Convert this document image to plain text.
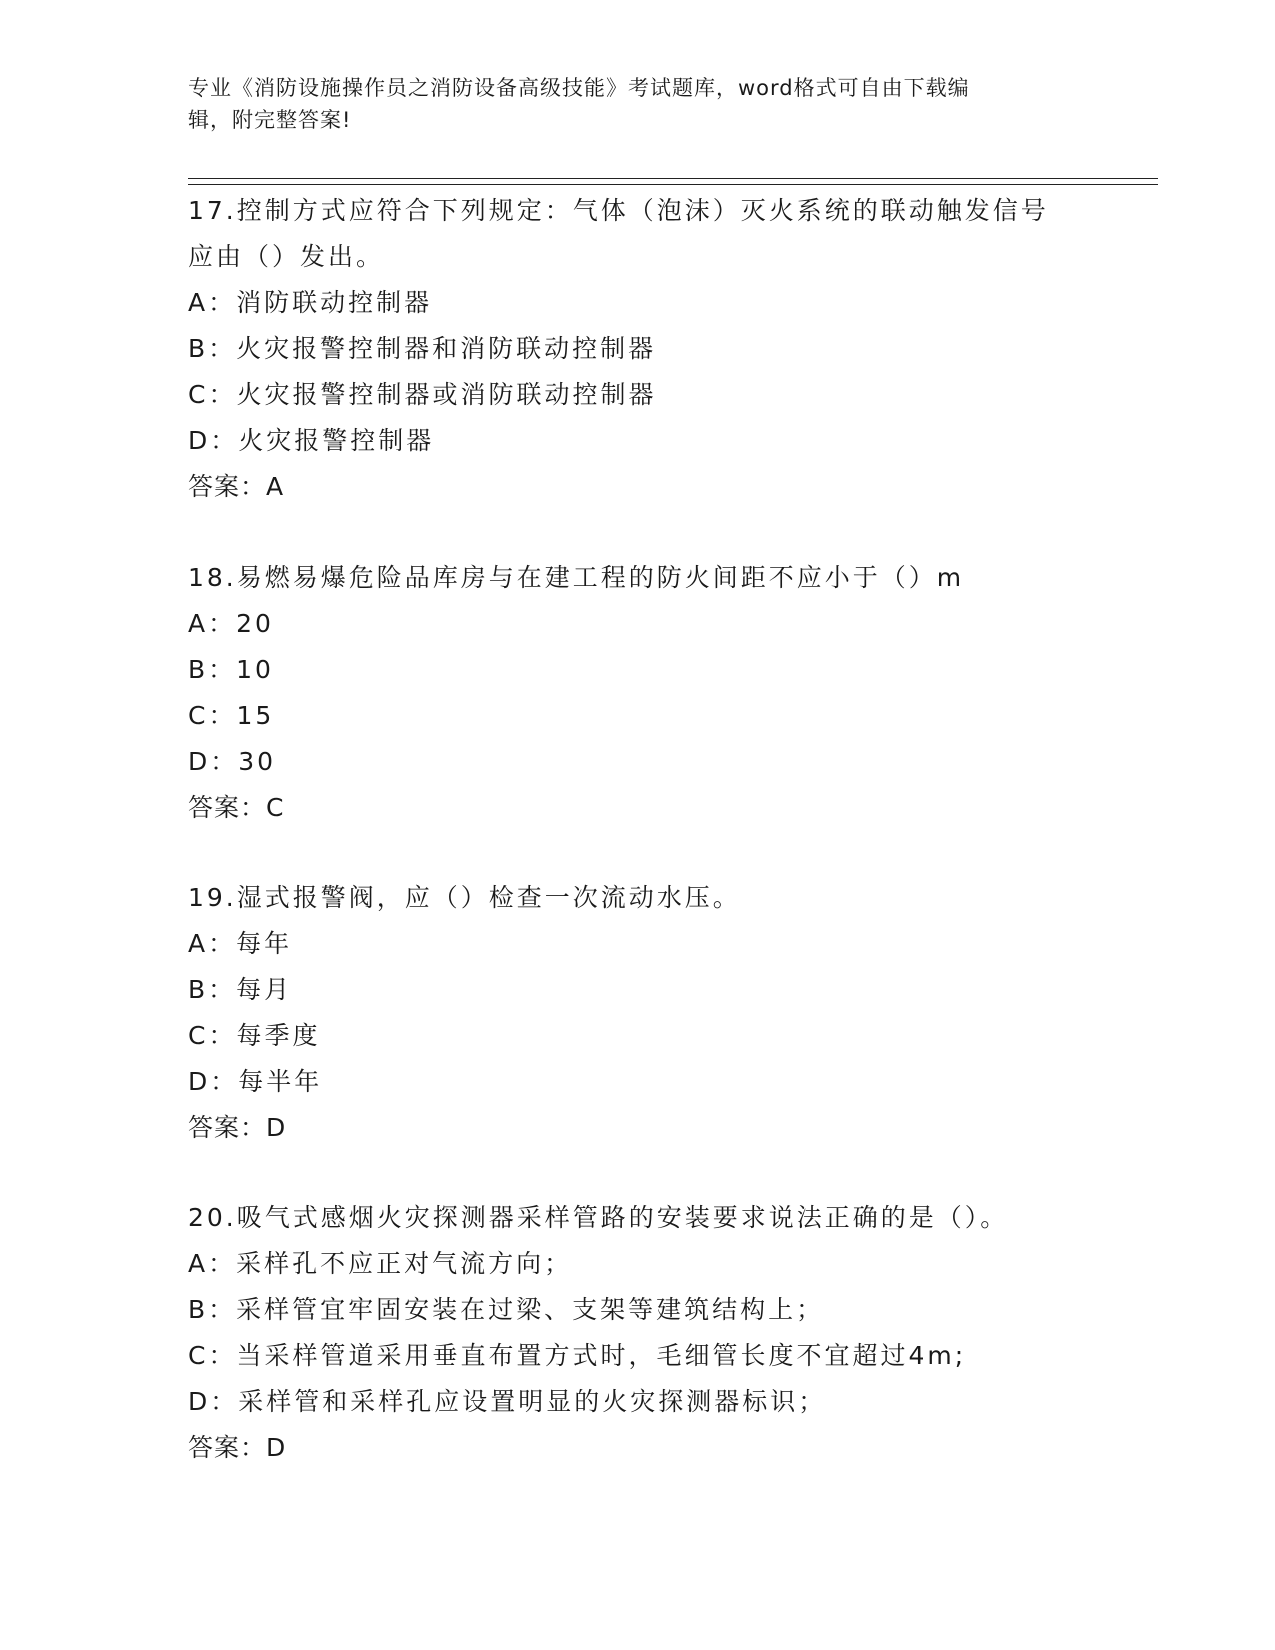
专业《消防设施操作员之消防设备高级技能》考试题库，word格式可自由下载编
辑，附完整答案!
17.控制方式应符合下列规定：气体（泡沫）灭火系统的联动触发信号
应由（）发出。
A：消防联动控制器
B：火灾报警控制器和消防联动控制器
C：火灾报警控制器或消防联动控制器
D：火灾报警控制器
答案：A
18.易燃易爆危险品库房与在建工程的防火间距不应小于（）m
A：20
B：10
C：15
D：30
答案：C
19.湿式报警阀，应（）检查一次流动水压。
A：每年
B：每月
C：每季度
D：每半年
答案：D
20.吸气式感烟火灾探测器采样管路的安装要求说法正确的是（）。
A：采样孔不应正对气流方向；
B：采样管宜牢固安装在过梁、支架等建筑结构上；
C：当采样管道采用垂直布置方式时，毛细管长度不宜超过4m;
D：采样管和采样孔应设置明显的火灾探测器标识；
答案：D
